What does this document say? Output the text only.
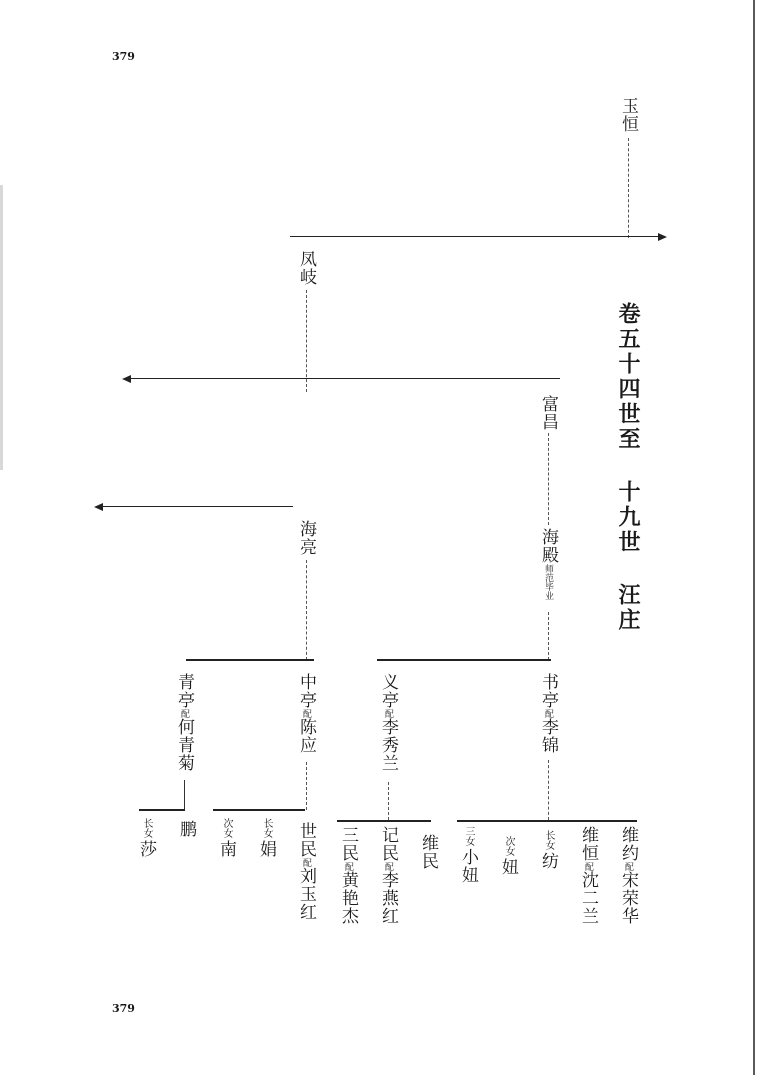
379
379
卷五十四世至 十九世 汪庄
玉恒
凤岐
富昌
海亮	海殿师范毕业
书亭配李锦
义亭配李秀兰
中亭配陈应
青亭配何青菊
维约配宋荣华
维恒配沈二兰
长女
纺
次女
妞
三女
小妞
维民
记民配李燕红
三民配黄艳杰
世民配刘玉红
长女
娟
次女
南
鹏
长女
莎
